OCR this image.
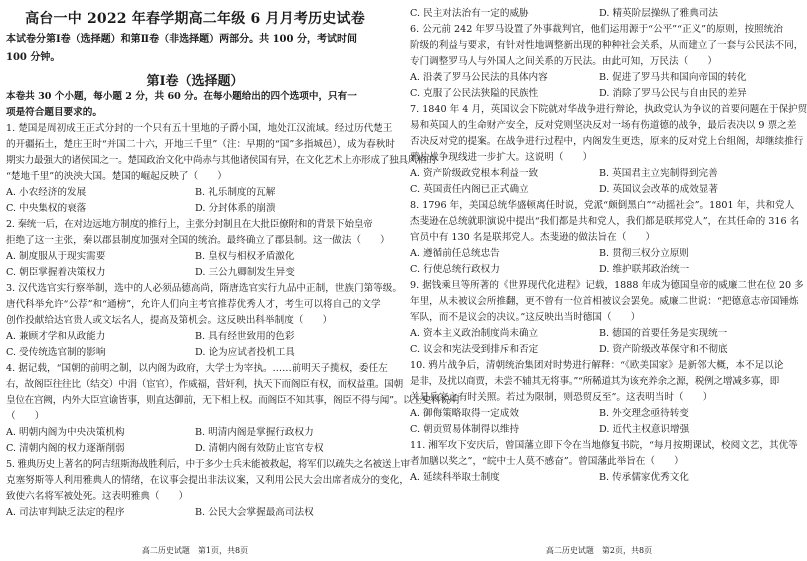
高台一中 2022 年春学期高二年级 6 月月考历史试卷
本试卷分第Ⅰ卷（选择题）和第Ⅱ卷（非选择题）两部分。共 100 分，考试时间
100 分钟。
第Ⅰ卷（选择题）
本卷共 30 个小题，每小题 2 分，共 60 分。在每小题给出的四个选项中，只有一
项是符合题目要求的。
1. 楚国是周初成王正式分封的一个只有五十里地的子爵小国，地处江汉流域。经过历代楚王
的开疆拓土，楚庄王时“并国二十六，开地三千里”（注：早期的“国”多指城邑），成为春秋时
期实力最强大的诸侯国之一。楚国政治文化中尚赤与其他诸侯国有异，在文化艺术上亦形成了独具风格的
“楚地千里”的泱泱大国。楚国的崛起反映了（　　）
A. 小农经济的发展	B. 礼乐制度的瓦解
C. 中央集权的衰落	D. 分封体系的崩溃
2. 秦统一后，在对边远地方制度的推行上，主张分封制且在大批臣僚附和的背景下始皇帝
拒绝了这一主张，秦以郡县制度加强对全国的统治。最终确立了郡县制。这一做法（　　）
A. 制度服从于现实需要	B. 皇权与相权矛盾激化
C. 朝臣掌握着决策权力	D. 三公九卿制发生异变
3. 汉代选官实行察举制，选中的人必须品德高尚，隋唐选官实行九品中正制，世族门第等级。
唐代科举允许“公荐”和“通榜”，允许人们向主考官推荐优秀人才，考生可以将自己的文学
创作投献给达官贵人或文坛名人，提高及第机会。这反映出科举制度（　　）
A. 兼顾才学和从政能力	B. 具有经世致用的色彩
C. 受传统选官制的影响	D. 论为应试者投机工具
4. 据记载，“国朝的前明之制，以内阁为政府，大学士为宰执。……前明天子揽权，委任左
右，故阁臣往往比（结交）中涓（宦官），作威福，营奸利，执天下而阁臣有权，而权益重。国朝
皇位在宫阙，内外大臣宣谕皆事，则直达御前，无下相上权。而阁臣不知其事，阁臣不得与闻”。以上史料说明
（　　）
A. 明朝内阁为中央决策机构	B. 明清内阁是掌握行政权力
C. 清朝内阁的权力逐渐削弱	D. 清朝内阁有效防止宦官专权
5. 雅典历史上著名的阿吉纽斯海战胜利后，中于多少士兵未能被救起，将军们以疏失之名被送上审
克塞努斯等人利用雅典人的情绪，在议事会提出非法议案，又利用公民大会出席者成分的变化，
致使六名将军被处死。这表明雅典（　　）
A. 司法审判缺乏法定的程序	B. 公民大会掌握最高司法权
高二历史试题　第1页，共8页
C. 民主对法治有一定的威胁	D. 精英阶层操纵了雅典司法
6. 公元前 242 年罗马设置了外事裁判官，他们运用源于“公平”“正义”的原则，按照统治
阶级的利益与要求，有针对性地调整新出现的种种社会关系，从而建立了一套与公民法不同，
专门调整罗马人与外国人之间关系的万民法。由此可知，万民法（　　）
A. 沿袭了罗马公民法的具体内容	B. 促进了罗马共和国向帝国的转化
C. 克服了公民法狭隘的民族性	D. 消除了罗马公民与自由民的差异
7. 1840 年 4 月，英国议会下院就对华战争进行辩论，执政党认为争议的首要问题在于保护贸
易和英国人的生命财产安全，反对党则坚决反对一场有伤道德的战争，最后表决以 9 票之差
否决反对党的提案。在战争进行过程中，内阁发生更迭，原来的反对党上台组阁，却继续推行
鸦片战争现线进一步扩大。这说明（　　）
A. 资产阶级政党根本利益一致	B. 英国君主立宪制得到完善
C. 英国责任内阁已正式确立	D. 英国议会改革的成效显著
8. 1796 年，美国总统华盛顿离任时说，党派“颇倒黑白”“动摇社会”。1801 年，共和党人
杰斐逊在总统就职演说中提出“我们都是共和党人，我们都是联邦党人”，在其任命的 316 名
官员中有 130 名是联邦党人。杰斐逊的做法旨在（　　）
A. 遵循前任总统忠告	B. 贯彻三权分立原则
C. 行使总统行政权力	D. 维护联邦政治统一
9. 据钱乘旦等所著的《世界现代化进程》记载，1888 年成为德国皇帝的威廉二世在位 20 多
年里，从未被议会所推翻，更不曾有一位首相被议会罢免。威廉二世说：“把德意志帝国锤炼
军队，而不是议会的决议。”这反映出当时德国（　　）
A. 资本主义政治制度尚未确立	B. 德国的首要任务是实现统一
C. 议会和宪法受到排斥和否定	D. 资产阶级改革保守和不彻底
10. 鸦片战争后，清朝统治集团对时势进行解释：“《欧美国家》是新邻大概，本不足以论
是非，及扰以商贾，未尝不辅其无将事。”“所稀道其为该充养余之源，税例之增减多寡，即
关是兵家之有时关照。若过为限制，则恐贸反至”。这表明当时（　　）
A. 御侮策略取得一定成效	B. 外交理念亟待转变
C. 朝贡贸易体制得以维持	D. 近代主权意识增强
11. 湘军攻下安庆后，曾国藩立即下令在当地修复书院，“每月按期课试，校阅文艺，其优等
者加膳以奖之”，“皖中士人莫不感奋”。曾国藩此举旨在（　　）
A. 延续科举取士制度	B. 传承儒家优秀文化
高二历史试题　第2页，共8页
